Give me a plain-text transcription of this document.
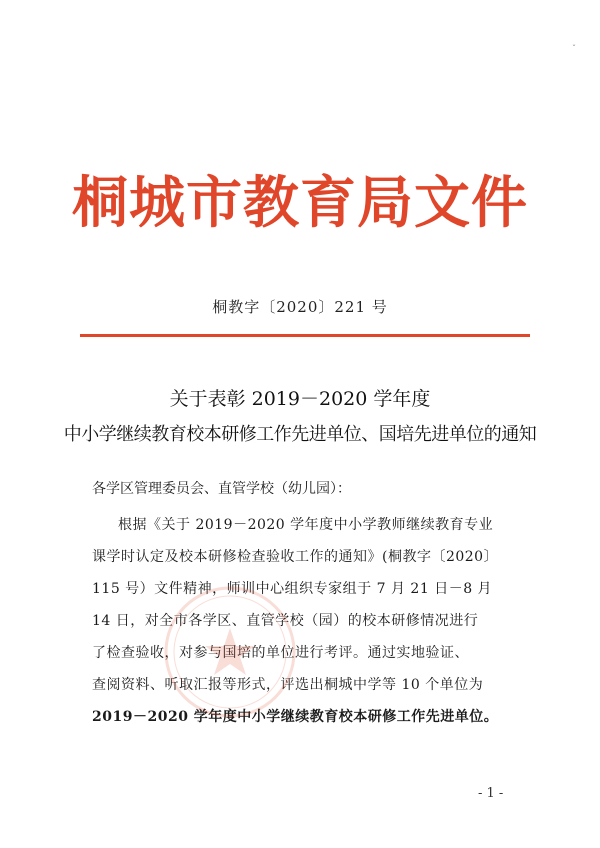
ˇ
桐城市教育局文件
桐教字〔2020〕221 号
关于表彰 2019－2020 学年度
中小学继续教育校本研修工作先进单位、国培先进单位的通知
各学区管理委员会、直管学校（幼儿园）：
根据《关于 2019－2020 学年度中小学教师继续教育专业
课学时认定及校本研修检查验收工作的通知》(桐教字〔2020〕
115 号）文件精神，师训中心组织专家组于 7 月 21 日－8 月
14 日，对全市各学区、直管学校（园）的校本研修情况进行
了检查验收，对参与国培的单位进行考评。通过实地验证、
查阅资料、听取汇报等形式，评选出桐城中学等 10 个单位为
2019－2020 学年度中小学继续教育校本研修工作先进单位。
- 1 -
